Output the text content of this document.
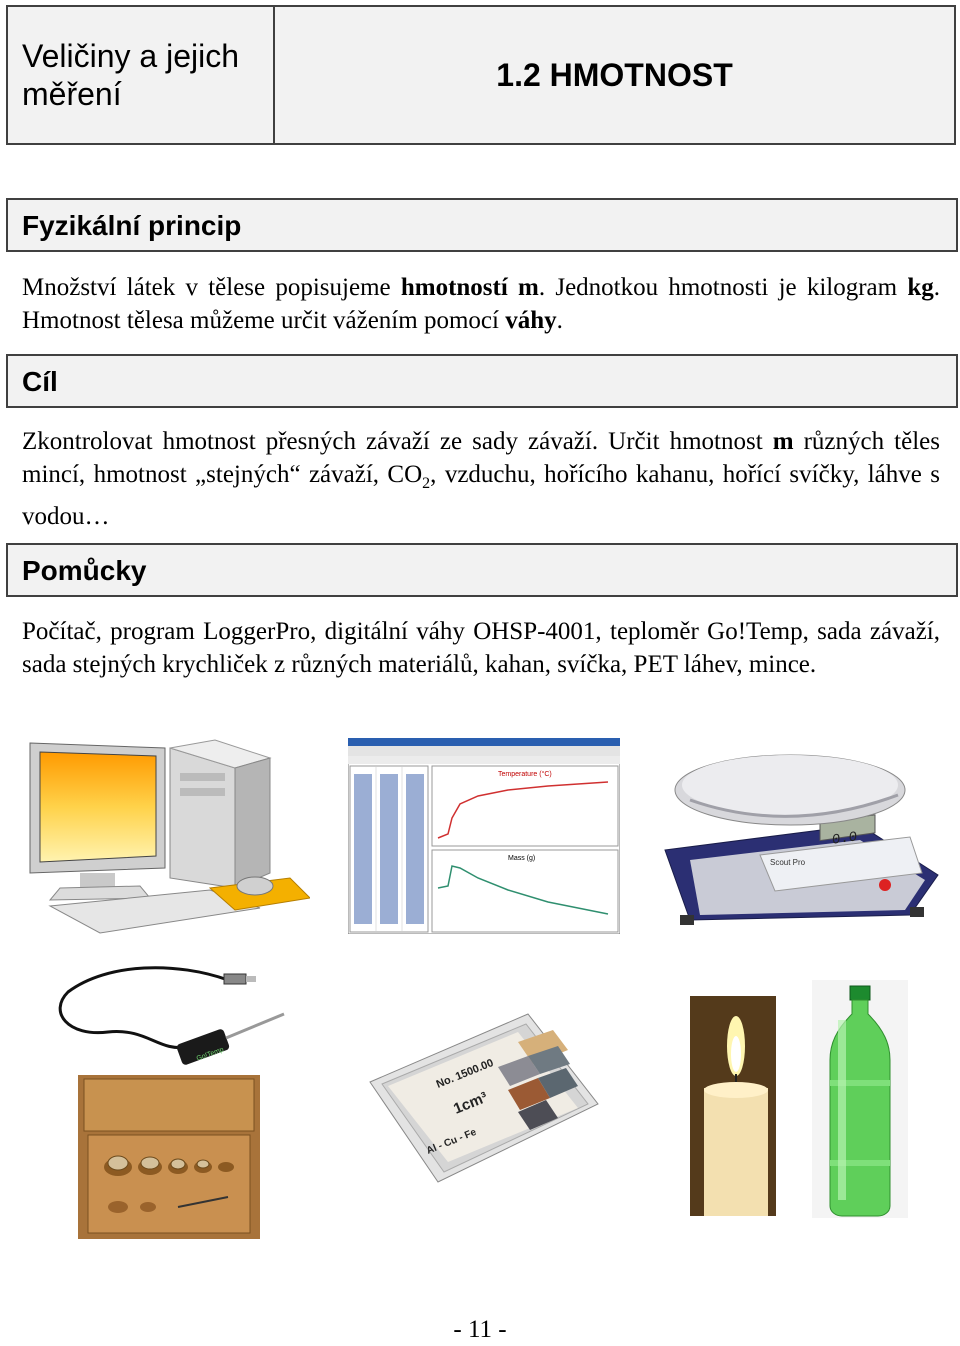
Veličiny a jejich měření
1.2 HMOTNOST
Fyzikální princip
Množství látek v tělese popisujeme hmotností m. Jednotkou hmotnosti je kilogram kg. Hmotnost tělesa můžeme určit vážením pomocí váhy.
Cíl
Zkontrolovat hmotnost přesných závaží ze sady závaží. Určit hmotnost m různých těles mincí, hmotnost „stejných“ závaží, $CO_2$, vzduchu, hořícího kahanu, hořící svíčky, láhve s vodou…
Pomůcky
Počítač, program LoggerPro, digitální váhy OHSP-4001, teploměr Go!Temp, sada závaží, sada stejných krychliček z různých materiálů, kahan, svíčka, PET láhev, mince.
Temperature (°C)
Mass (g)
0.0
Scout Pro
Go!Temp
No. 1500.00
1cm³
Al - Cu - Fe
- 11 -
